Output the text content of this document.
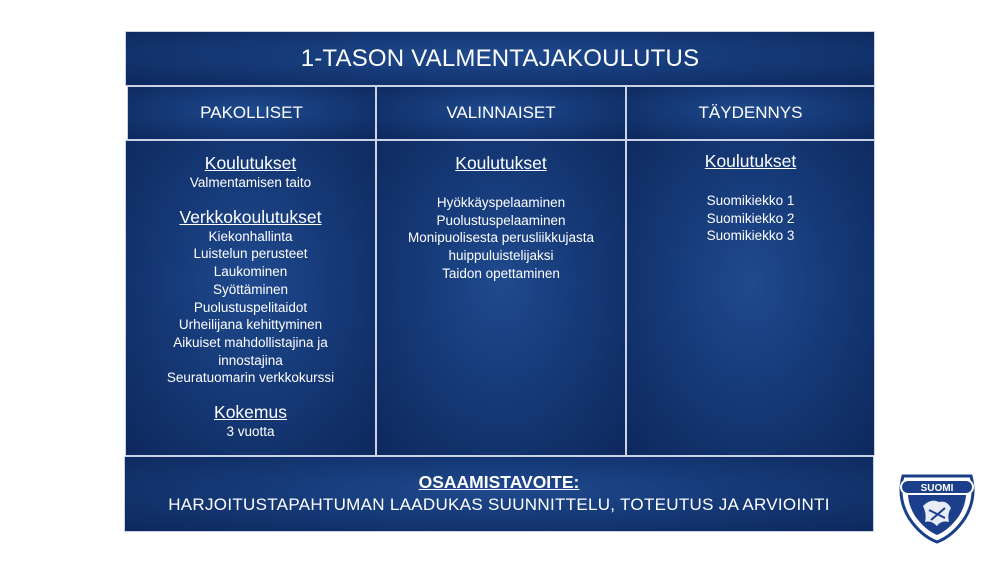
1-TASON VALMENTAJAKOULUTUS
PAKOLLISET	VALINNAISET	TÄYDENNYS
Koulutukset
Valmentamisen taito
Verkkokoulutukset
Kiekonhallinta
Luistelun perusteet
Laukominen
Syöttäminen
Puolustuspelitaidot
Urheilijana kehittyminen
Aikuiset mahdollistajina ja
innostajina
Seuratuomarin verkkokurssi
Kokemus
3 vuotta
Koulutukset
Hyökkäyspelaaminen
Puolustuspelaaminen
Monipuolisesta perusliikkujasta
huippuluistelijaksi
Taidon opettaminen
Koulutukset
Suomikiekko 1
Suomikiekko 2
Suomikiekko 3
OSAAMISTAVOITE:
HARJOITUSTAPAHTUMAN LAADUKAS SUUNNITTELU, TOTEUTUS JA ARVIOINTI
SUOMI
